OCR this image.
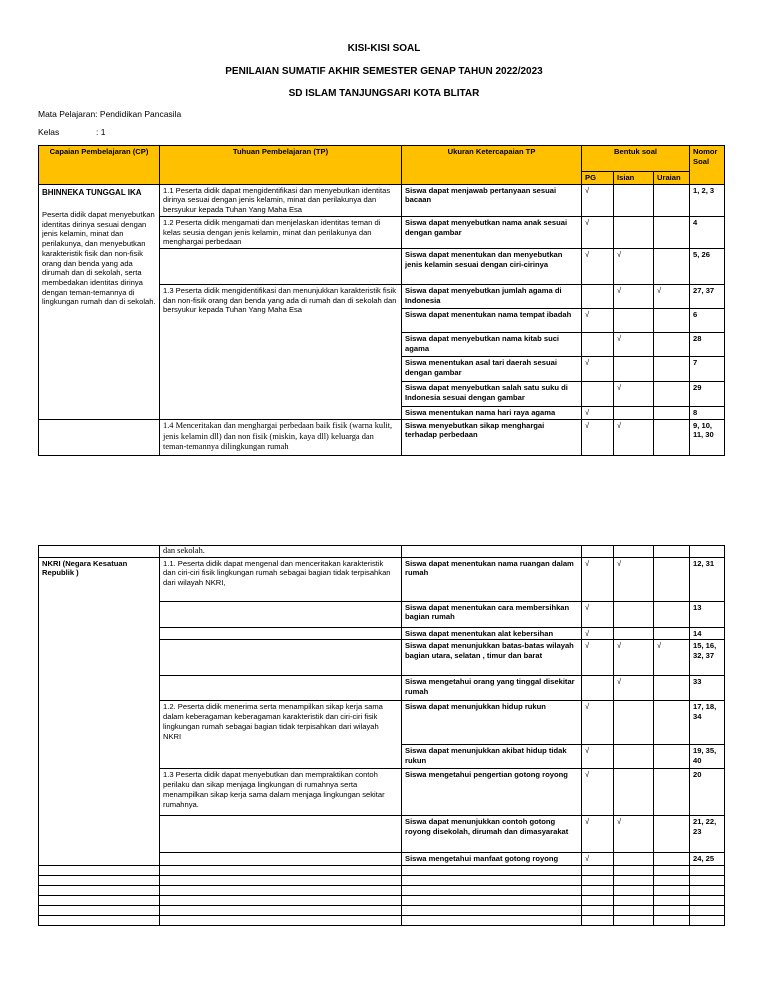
KISI-KISI SOAL
PENILAIAN SUMATIF AKHIR SEMESTER GENAP TAHUN 2022/2023
SD ISLAM TANJUNGSARI KOTA BLITAR
Mata Pelajaran: Pendidikan Pancasila
Kelas	: 1
Capaian Pembelajaran (CP)	Tuhuan Pembelajaran (TP)	Ukuran Ketercapaian TP	Bentuk soal			Nomor Soal
			PG	Isian	Uraian	

BHINNEKA TUNGGAL IKA
Peserta didik dapat menyebutkan identitas dirinya sesuai dengan jenis kelamin, minat dan perilakunya, dan menyebutkan karakteristik fisik dan non-fisik orang dan benda yang ada dirumah dan di sekolah, serta membedakan identitas dirinya dengan teman-temannya di lingkungan rumah dan di sekolah.	1.1 Peserta didik dapat mengidentifikasi dan menyebutkan identitas dirinya sesuai dengan jenis kelamin, minat dan perilakunya dan bersyukur kepada Tuhan Yang Maha Esa	Siswa dapat menjawab pertanyaan sesuai bacaan	√			1, 2, 3
	1.2 Peserta didik mengamati dan menjelaskan identitas teman di kelas seusia dengan jenis kelamin, minat dan perilakunya dan menghargai perbedaan	Siswa dapat menyebutkan nama anak sesuai dengan gambar	√			4
		Siswa dapat menentukan dan menyebutkan jenis kelamin sesuai dengan ciri-cirinya	√	√		5, 26
	1.3 Peserta didik mengidentifikasi dan menunjukkan karakteristik fisik dan non-fisik orang dan benda yang ada di rumah dan di sekolah dan bersyukur kepada Tuhan Yang Maha Esa	Siswa dapat menyebutkan jumlah agama di Indonesia		√	√	27, 37
		Siswa dapat menentukan nama tempat ibadah	√			6
		Siswa dapat menyebutkan nama kitab suci agama		√		28
		Siswa menentukan asal tari daerah sesuai dengan gambar	√			7
		Siswa dapat menyebutkan salah satu suku di Indonesia sesuai dengan gambar		√		29
		Siswa menentukan nama hari raya agama	√			8
	1.4 Menceritakan dan menghargai perbedaan baik fisik (warna kulit, jenis kelamin dll) dan non fisik (miskin, kaya dll) keluarga dan teman-temannya dilingkungan rumah	Siswa menyebutkan sikap menghargai terhadap perbedaan	√	√		9, 10, 11, 30
	dan sekolah.					
NKRI (Negara Kesatuan Republik )	1.1. Peserta didik dapat mengenal dan menceritakan karakteristik dan ciri-ciri fisik lingkungan rumah sebagai bagian tidak terpisahkan dari wilayah NKRI,	Siswa dapat menentukan nama ruangan dalam rumah	√	√		12, 31
		Siswa dapat menentukan cara membersihkan bagian rumah	√			13
		Siswa dapat menentukan alat kebersihan	√			14
		Siswa dapat menunjukkan batas-batas wilayah bagian utara, selatan , timur dan barat	√	√	√	15, 16, 32, 37
		Siswa mengetahui orang yang tinggal disekitar rumah		√		33
	1.2. Peserta didik menerima serta menampilkan sikap kerja sama dalam keberagaman keberagaman karakteristik dan ciri-ciri fisik lingkungan rumah sebagai bagian tidak terpisahkan dari wilayah NKRI	Siswa dapat menunjukkan hidup rukun	√			17, 18, 34
		Siswa dapat menunjukkan akibat hidup tidak rukun	√			19, 35, 40
	1.3 Peserta didik dapat menyebutkan dan mempraktikan contoh perilaku dan sikap menjaga lingkungan di rumahnya serta menampilkan sikap kerja sama dalam menjaga lingkungan sekitar rumahnya.	Siswa mengetahui pengertian gotong royong	√			20
		Siswa dapat menunjukkan contoh gotong royong disekolah, dirumah dan dimasyarakat	√	√		21, 22, 23
		Siswa mengetahui manfaat gotong royong	√			24, 25
